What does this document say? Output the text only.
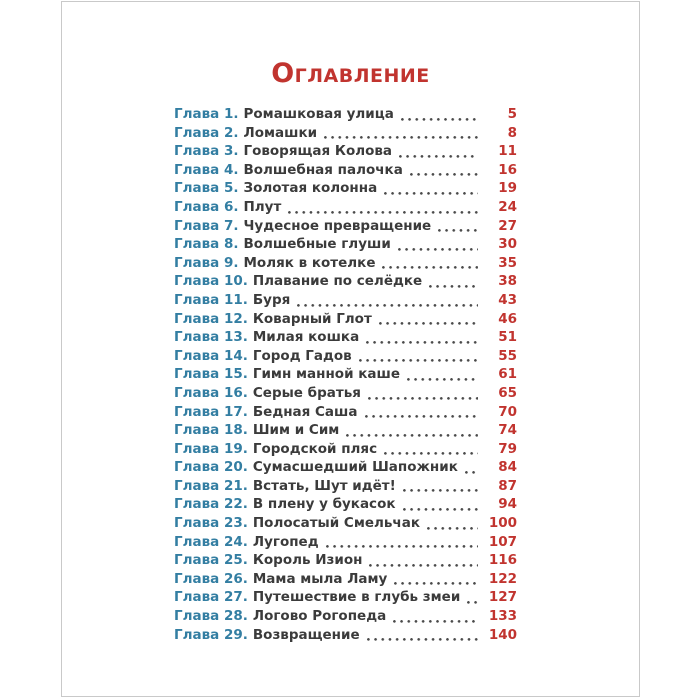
Оглавление
Глава 1. Ромашковая улица	5
Глава 2. Ломашки	8
Глава 3. Говорящая Колова	11
Глава 4. Волшебная палочка	16
Глава 5. Золотая колонна	19
Глава 6. Плут	24
Глава 7. Чудесное превращение	27
Глава 8. Волшебные глуши	30
Глава 9. Моляк в котелке	35
Глава 10. Плавание по селёдке	38
Глава 11. Буря	43
Глава 12. Коварный Глот	46
Глава 13. Милая кошка	51
Глава 14. Город Гадов	55
Глава 15. Гимн манной каше	61
Глава 16. Серые братья	65
Глава 17. Бедная Саша	70
Глава 18. Шим и Сим	74
Глава 19. Городской пляс	79
Глава 20. Сумасшедший Шапожник	84
Глава 21. Встать, Шут идёт!	87
Глава 22. В плену у букасок	94
Глава 23. Полосатый Смельчак	100
Глава 24. Лугопед	107
Глава 25. Король Изион	116
Глава 26. Мама мыла Ламу	122
Глава 27. Путешествие в глубь змеи 127
Глава 28. Логово Рогопеда	133
Глава 29. Возвращение	140
